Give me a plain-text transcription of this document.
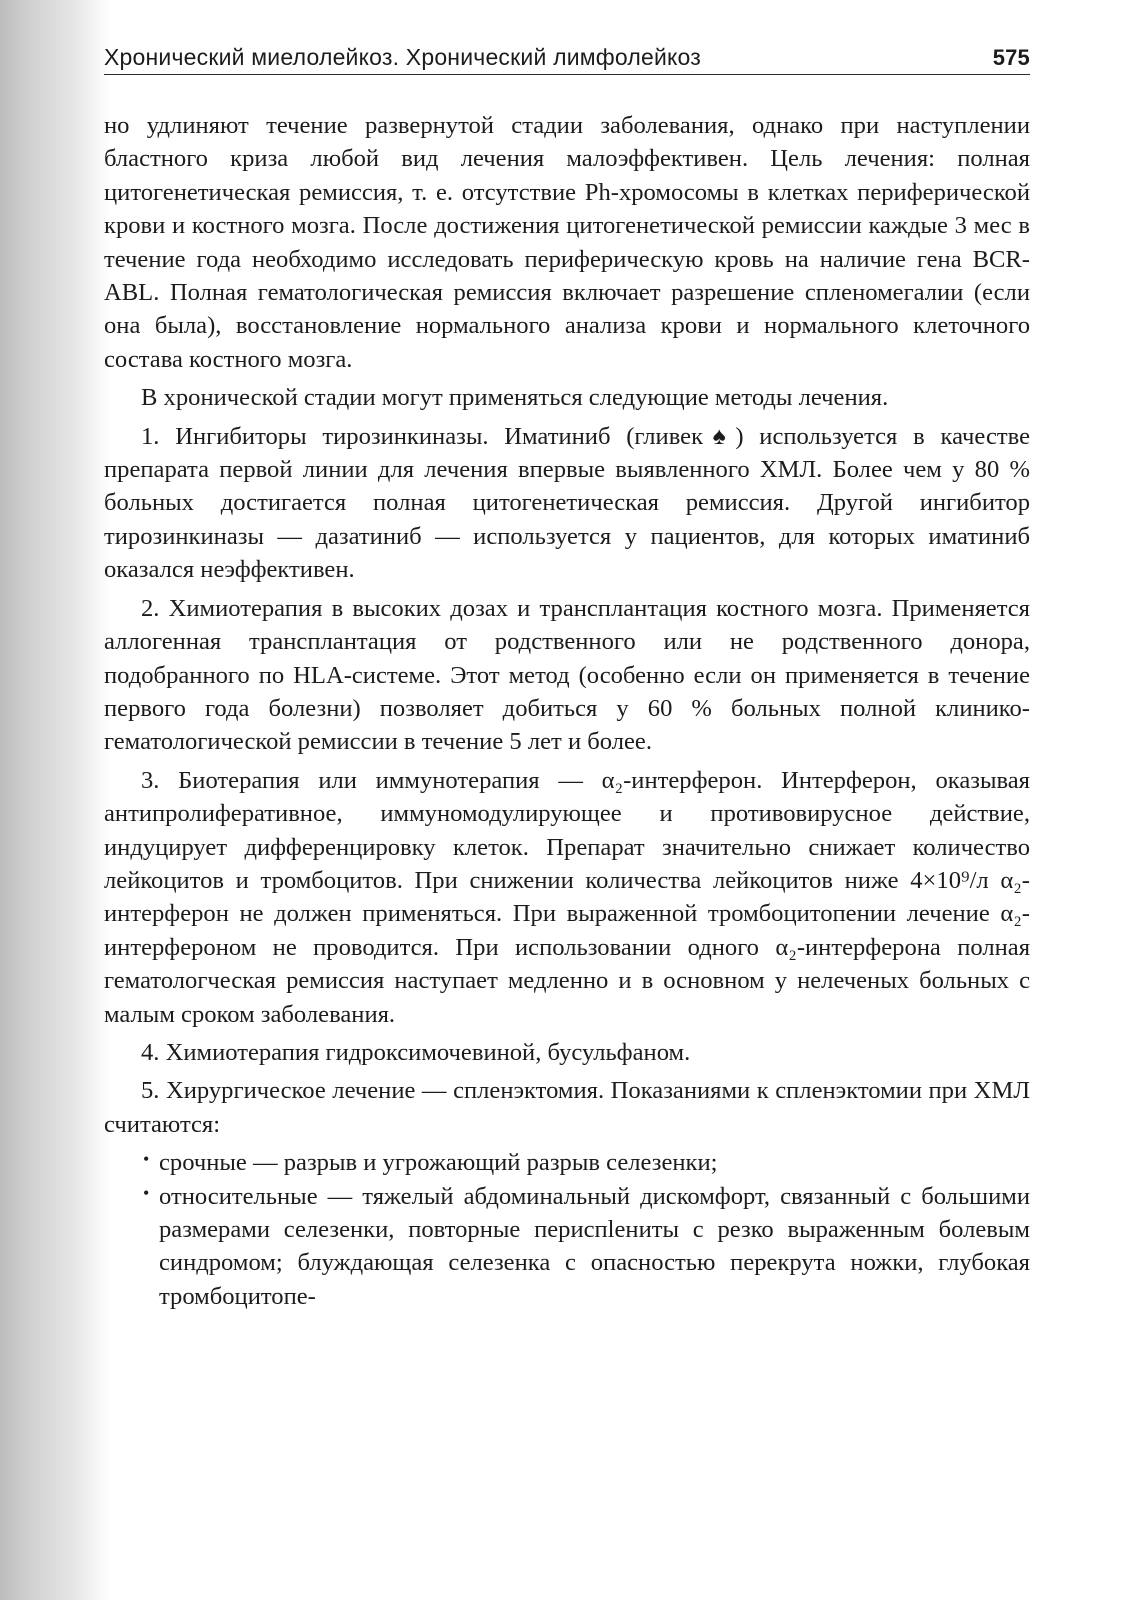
Хронический миелолейкоз. Хронический лимфолейкоз	575

но удлиняют течение развернутой стадии заболевания, однако при наступлении бластного криза любой вид лечения малоэффективен. Цель лечения: полная цитогенетическая ремиссия, т. е. отсутствие Ph-хромосомы в клетках периферической крови и костного мозга. После достижения цитогенетической ремиссии каждые 3 мес в течение года необходимо исследовать периферическую кровь на наличие гена BCR-ABL. Полная гематологическая ремиссия включает разрешение спленомегалии (если она была), восстановление нормального анализа крови и нормального клеточного состава костного мозга.

В хронической стадии могут применяться следующие методы лечения.

1. Ингибиторы тирозинкиназы. Иматиниб (гливек♠) используется в качестве препарата первой линии для лечения впервые выявленного ХМЛ. Более чем у 80 % больных достигается полная цитогенетическая ремиссия. Другой ингибитор тирозинкиназы — дазатиниб — используется у пациентов, для которых иматиниб оказался неэффективен.

2. Химиотерапия в высоких дозах и трансплантация костного мозга. Применяется аллогенная трансплантация от родственного или не родственного донора, подобранного по HLA-системе. Этот метод (особенно если он применяется в течение первого года болезни) позволяет добиться у 60 % больных полной клинико-гематологической ремиссии в течение 5 лет и более.

3. Биотерапия или иммунотерапия — α₂-интерферон. Интерферон, оказывая антипролиферативное, иммуномодулирующее и противовирусное действие, индуцирует дифференцировку клеток. Препарат значительно снижает количество лейкоцитов и тромбоцитов. При снижении количества лейкоцитов ниже 4×10⁹/л α₂-интерферон не должен применяться. При выраженной тромбоцитопении лечение α₂-интерфероном не проводится. При использовании одного α₂-интерферона полная гематологческая ремиссия наступает медленно и в основном у нелеченых больных с малым сроком заболевания.

4. Химиотерапия гидроксимочевиной, бусульфаном.

5. Хирургическое лечение — спленэктомия. Показаниями к спленэктомии при ХМЛ считаются:

• срочные — разрыв и угрожающий разрыв селезенки;
• относительные — тяжелый абдоминальный дискомфорт, связанный с большими размерами селезенки, повторные периспleниты с резко выраженным болевым синдромом; блуждающая селезенка с опасностью перекрута ножки, глубокая тромбоцитопе-
